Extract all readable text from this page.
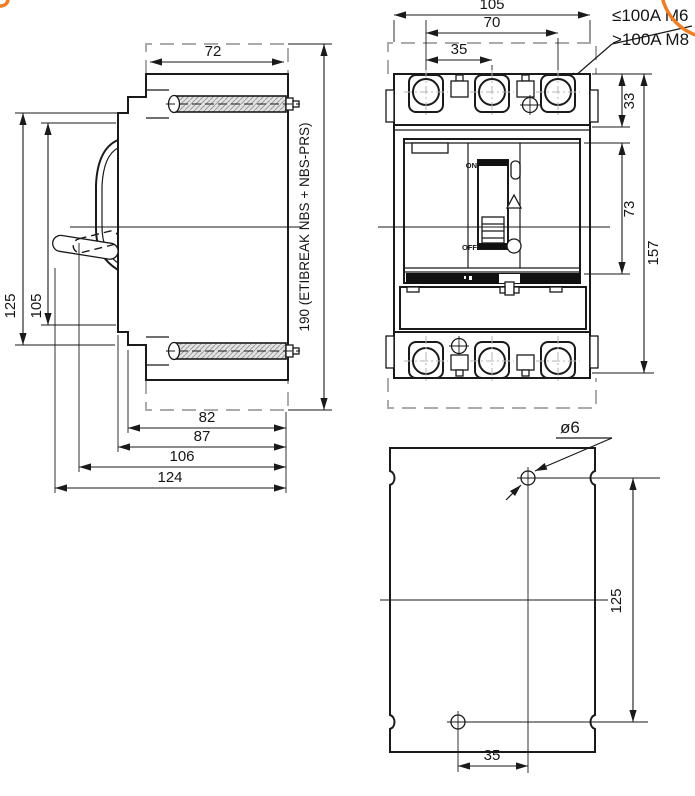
72
125 105	190 (ETIBREAK NBS + NBS-PRS)
82
87
106
124
105
70
35
≤100A M6
>100A M8
ON
OFF
33
73
157
ø6
125
35
